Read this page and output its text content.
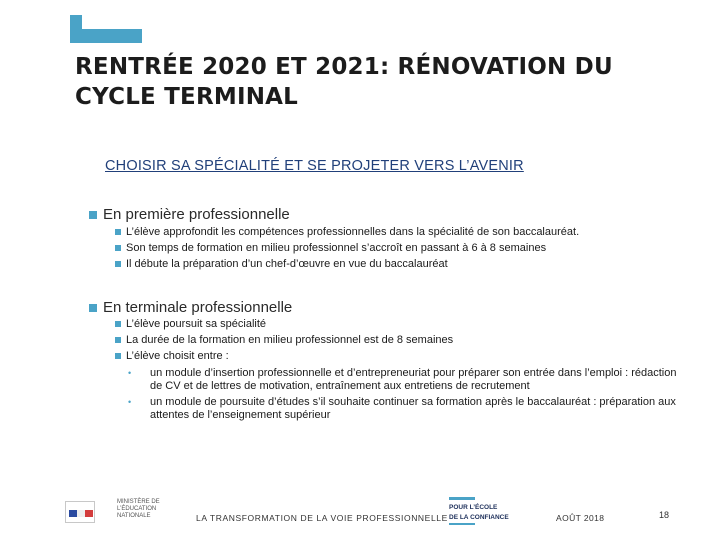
RENTRÉE 2020 ET 2021: RÉNOVATION DU CYCLE TERMINAL
CHOISIR SA SPÉCIALITÉ ET SE PROJETER VERS L’AVENIR
En première professionnelle
L’élève approfondit les compétences professionnelles dans la spécialité de son baccalauréat.
Son temps de formation en milieu professionnel s’accroît en passant à 6 à 8 semaines
Il débute la préparation d’un chef-d’œuvre en vue du baccalauréat
En terminale professionnelle
L’élève poursuit sa spécialité
La durée de la formation en milieu professionnel est de 8 semaines
L’élève choisit entre :
• un module d’insertion professionnelle et d’entrepreneuriat pour préparer son entrée dans l’emploi : rédaction de CV et de lettres de motivation, entraînement aux entretiens de recrutement
• un module de poursuite d’études s’il souhaite continuer sa formation après le baccalauréat : préparation aux attentes de l’enseignement supérieur
MINISTÈRE DE L’ÉDUCATION NATIONALE	LA TRANSFORMATION DE LA VOIE PROFESSIONNELLE
POUR L’ÉCOLE
DE LA CONFIANCE	AOÛT 2018	18
